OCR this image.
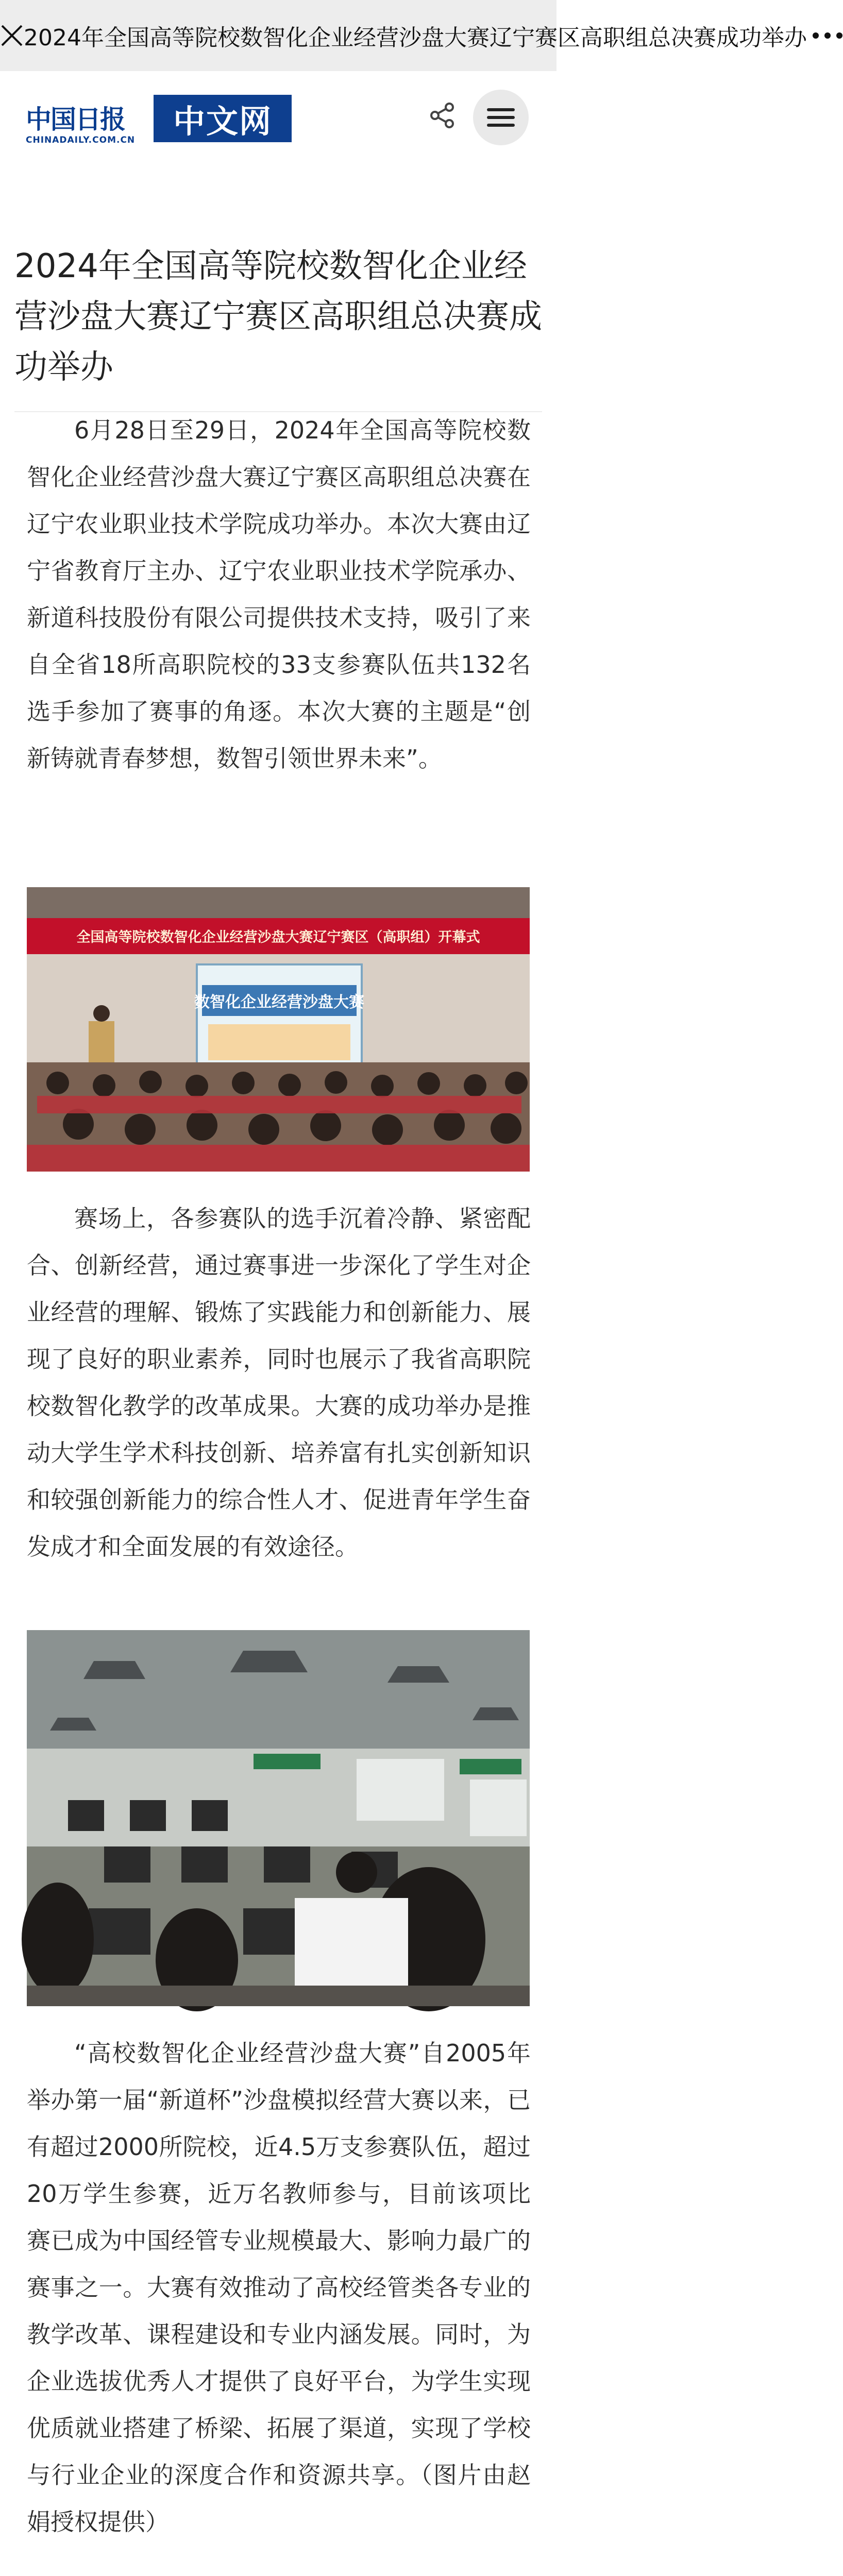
2024年全国高等院校数智化企业经营沙盘大赛辽宁赛区高职组总决赛成功举办
中国日报
CHINADAILY.COM.CN
中文网
2024年全国高等院校数智化企业经营沙盘大赛辽宁赛区高职组总决赛成功举办

6月28日至29日，2024年全国高等院校数智化企业经营沙盘大赛辽宁赛区高职组总决赛在辽宁农业职业技术学院成功举办。本次大赛由辽宁省教育厅主办、辽宁农业职业技术学院承办、新道科技股份有限公司提供技术支持，吸引了来自全省18所高职院校的33支参赛队伍共132名选手参加了赛事的角逐。本次大赛的主题是“创新铸就青春梦想，数智引领世界未来”。

全国高等院校数智化企业经营沙盘大赛辽宁赛区（高职组）开幕式
数智化企业经营沙盘大赛

赛场上，各参赛队的选手沉着冷静、紧密配合、创新经营，通过赛事进一步深化了学生对企业经营的理解、锻炼了实践能力和创新能力、展现了良好的职业素养，同时也展示了我省高职院校数智化教学的改革成果。大赛的成功举办是推动大学生学术科技创新、培养富有扎实创新知识和较强创新能力的综合性人才、促进青年学生奋发成才和全面发展的有效途径。

“高校数智化企业经营沙盘大赛”自2005年举办第一届“新道杯”沙盘模拟经营大赛以来，已有超过2000所院校，近4.5万支参赛队伍，超过20万学生参赛，近万名教师参与，目前该项比赛已成为中国经管专业规模最大、影响力最广的赛事之一。大赛有效推动了高校经管类各专业的教学改革、课程建设和专业内涵发展。同时，为企业选拔优秀人才提供了良好平台，为学生实现优质就业搭建了桥梁、拓展了渠道，实现了学校与行业企业的深度合作和资源共享。（图片由赵娟授权提供）
